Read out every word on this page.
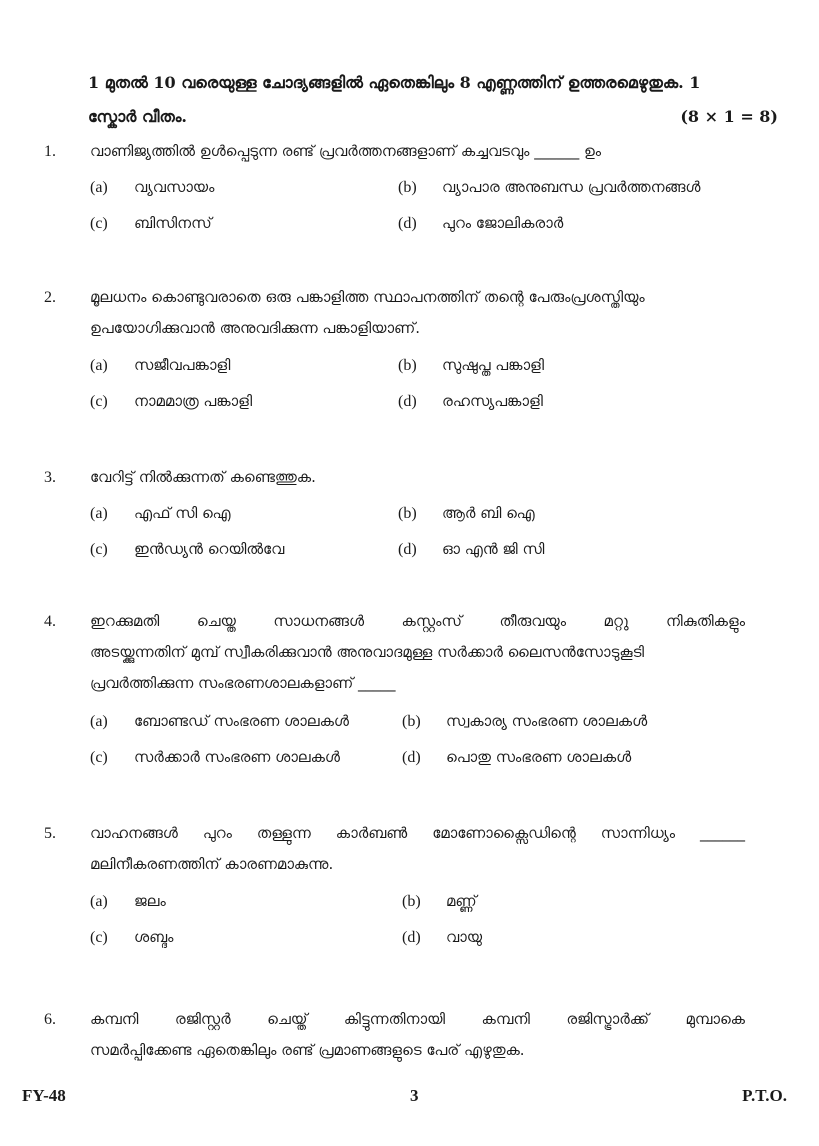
1 മുതൽ 10 വരെയുള്ള ചോദ്യങ്ങളിൽ ഏതെങ്കിലും 8 എണ്ണത്തിന് ഉത്തരമെഴുതുക. 1
സ്കോർ വീതം.	(8 × 1 = 8)
1. വാണിജ്യത്തിൽ ഉൾപ്പെടുന്ന രണ്ട് പ്രവർത്തനങ്ങളാണ് കച്ചവടവും ______ ഉം
(a) വ്യവസായം	(b) വ്യാപാര അനുബന്ധ പ്രവർത്തനങ്ങൾ
(c) ബിസിനസ്	(d) പുറം ജോലികരാർ
2. മൂലധനം കൊണ്ടുവരാതെ ഒരു പങ്കാളിത്ത സ്ഥാപനത്തിന് തന്റെ പേരുംപ്രശസ്തിയും
ഉപയോഗിക്കുവാൻ അനുവദിക്കുന്ന പങ്കാളിയാണ്.
(a) സജീവപങ്കാളി	(b) സുഷുപ്ത പങ്കാളി
(c) നാമമാത്ര പങ്കാളി	(d) രഹസ്യപങ്കാളി
3. വേറിട്ട് നിൽക്കുന്നത് കണ്ടെത്തുക.
(a) എഫ് സി ഐ	(b) ആർ ബി ഐ
(c) ഇൻഡ്യൻ റെയിൽവേ	(d) ഓ എൻ ജി സി
4. ഇറക്കുമതി ചെയ്ത സാധനങ്ങൾ കസ്റ്റംസ് തീരുവയും മറ്റു നികുതികളും
അടയ്ക്കുന്നതിന് മുമ്പ് സ്വീകരിക്കുവാൻ അനുവാദമുള്ള സർക്കാർ ലൈസൻസോടുകൂടി
പ്രവർത്തിക്കുന്ന സംഭരണശാലകളാണ് _____
(a) ബോണ്ടഡ് സംഭരണ ശാലകൾ	(b) സ്വകാര്യ സംഭരണ ശാലകൾ
(c) സർക്കാർ സംഭരണ ശാലകൾ	(d) പൊതു സംഭരണ ശാലകൾ
5. വാഹനങ്ങൾ പുറം തള്ളുന്ന കാർബൺ മോണോക്സൈഡിന്റെ സാന്നിധ്യം ______
മലിനീകരണത്തിന് കാരണമാകുന്നു.
(a) ജലം	(b) മണ്ണ്
(c) ശബ്ദം	(d) വായു
6. കമ്പനി രജിസ്റ്റർ ചെയ്ത് കിട്ടുന്നതിനായി കമ്പനി രജിസ്ട്രാർക്ക് മുമ്പാകെ
സമർപ്പിക്കേണ്ട ഏതെങ്കിലും രണ്ട് പ്രമാണങ്ങളുടെ പേര് എഴുതുക.
FY-48	3	P.T.O.
